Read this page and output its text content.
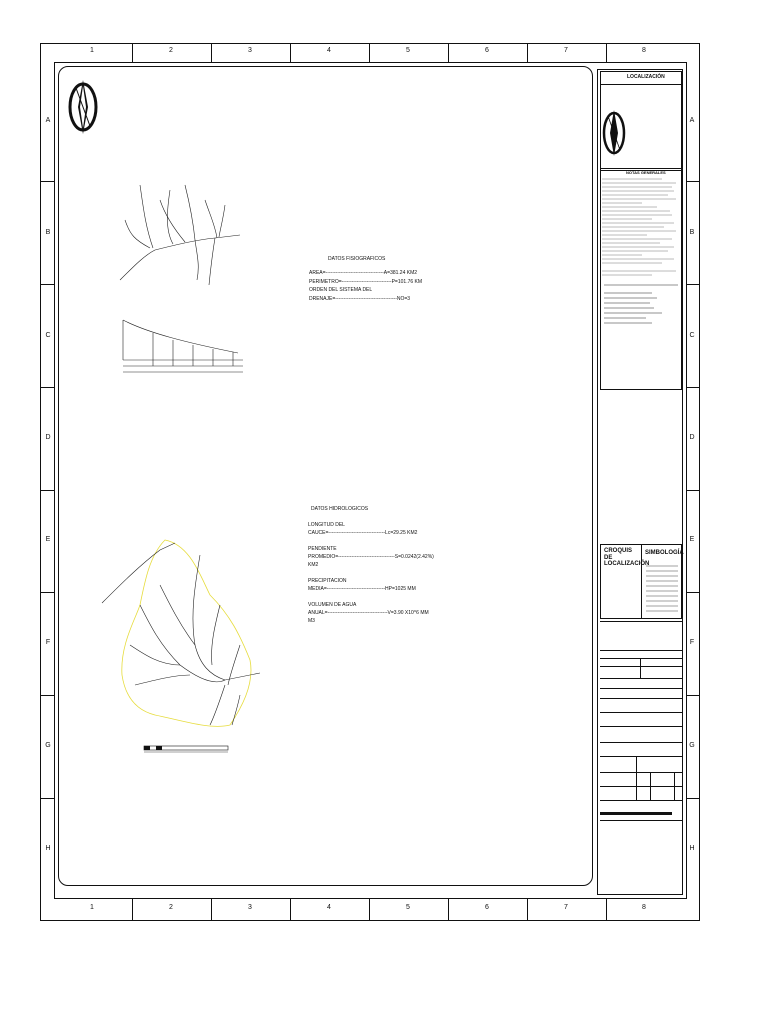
1
1
2
2
3
3
4
4
5
5
6
6
7
7
8
8
A	A
B	B
C	C
D	D
E	E
F	F
G	G
H	H
DATOS FISIOGRAFICOS
AREA=-----------------------------------A=381.24 KM2
PERIMETRO=------------------------------P=101.76 KM
ORDEN DEL SISTEMA DEL
DRENAJE=-------------------------------------NO=3
DATOS HIDROLOGICOS
LONGITUD DEL
CAUCE=----------------------------------Lc=29.25 KM2
PENDIENTE
PROMEDIO=----------------------------------S=0.0242(2.42%)
KM2
PRECIPITACION
MEDIA=-----------------------------------HP=1025 MM
VOLUMEN DE AGUA
ANUAL=------------------------------------V=3.90 X10^6 MM
M3
LOCALIZACIÓN
NOTAS GENERALES
CROQUIS DE LOCALIZACIÓN
SIMBOLOGÍA
